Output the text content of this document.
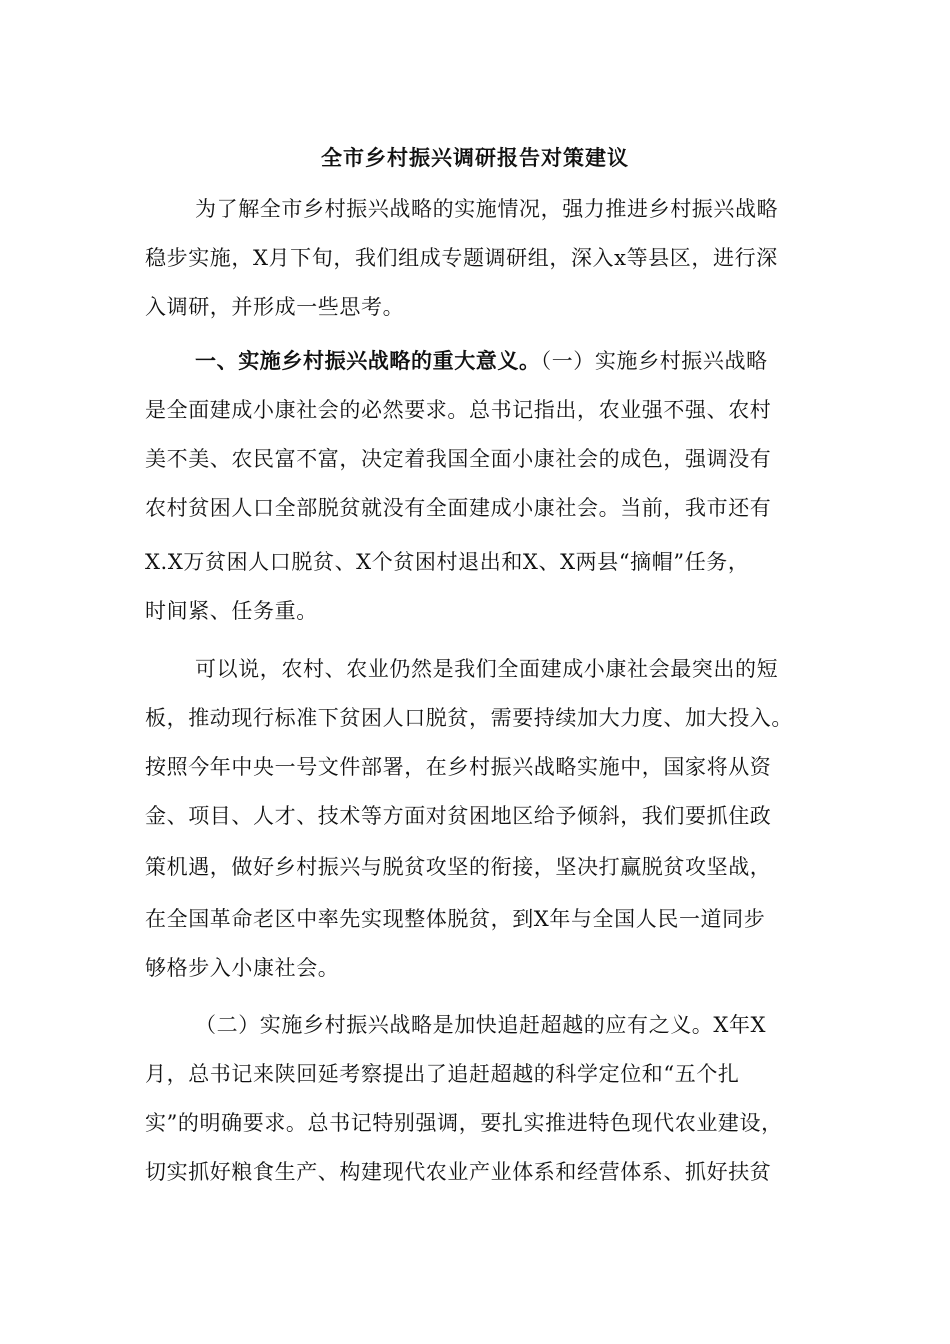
全市乡村振兴调研报告对策建议
为了解全市乡村振兴战略的实施情况，强力推进乡村振兴战略
稳步实施，X月下旬，我们组成专题调研组，深入x等县区，进行深
入调研，并形成一些思考。
一、实施乡村振兴战略的重大意义。（一）实施乡村振兴战略
是全面建成小康社会的必然要求。总书记指出，农业强不强、农村
美不美、农民富不富，决定着我国全面小康社会的成色，强调没有
农村贫困人口全部脱贫就没有全面建成小康社会。当前，我市还有
X.X万贫困人口脱贫、X个贫困村退出和X、X两县“摘帽”任务，
时间紧、任务重。
可以说，农村、农业仍然是我们全面建成小康社会最突出的短
板，推动现行标准下贫困人口脱贫，需要持续加大力度、加大投入。
按照今年中央一号文件部署，在乡村振兴战略实施中，国家将从资
金、项目、人才、技术等方面对贫困地区给予倾斜，我们要抓住政
策机遇，做好乡村振兴与脱贫攻坚的衔接，坚决打赢脱贫攻坚战，
在全国革命老区中率先实现整体脱贫，到X年与全国人民一道同步
够格步入小康社会。
（二）实施乡村振兴战略是加快追赶超越的应有之义。X年X
月，总书记来陕回延考察提出了追赶超越的科学定位和“五个扎
实”的明确要求。总书记特别强调，要扎实推进特色现代农业建设，
切实抓好粮食生产、构建现代农业产业体系和经营体系、抓好扶贫
